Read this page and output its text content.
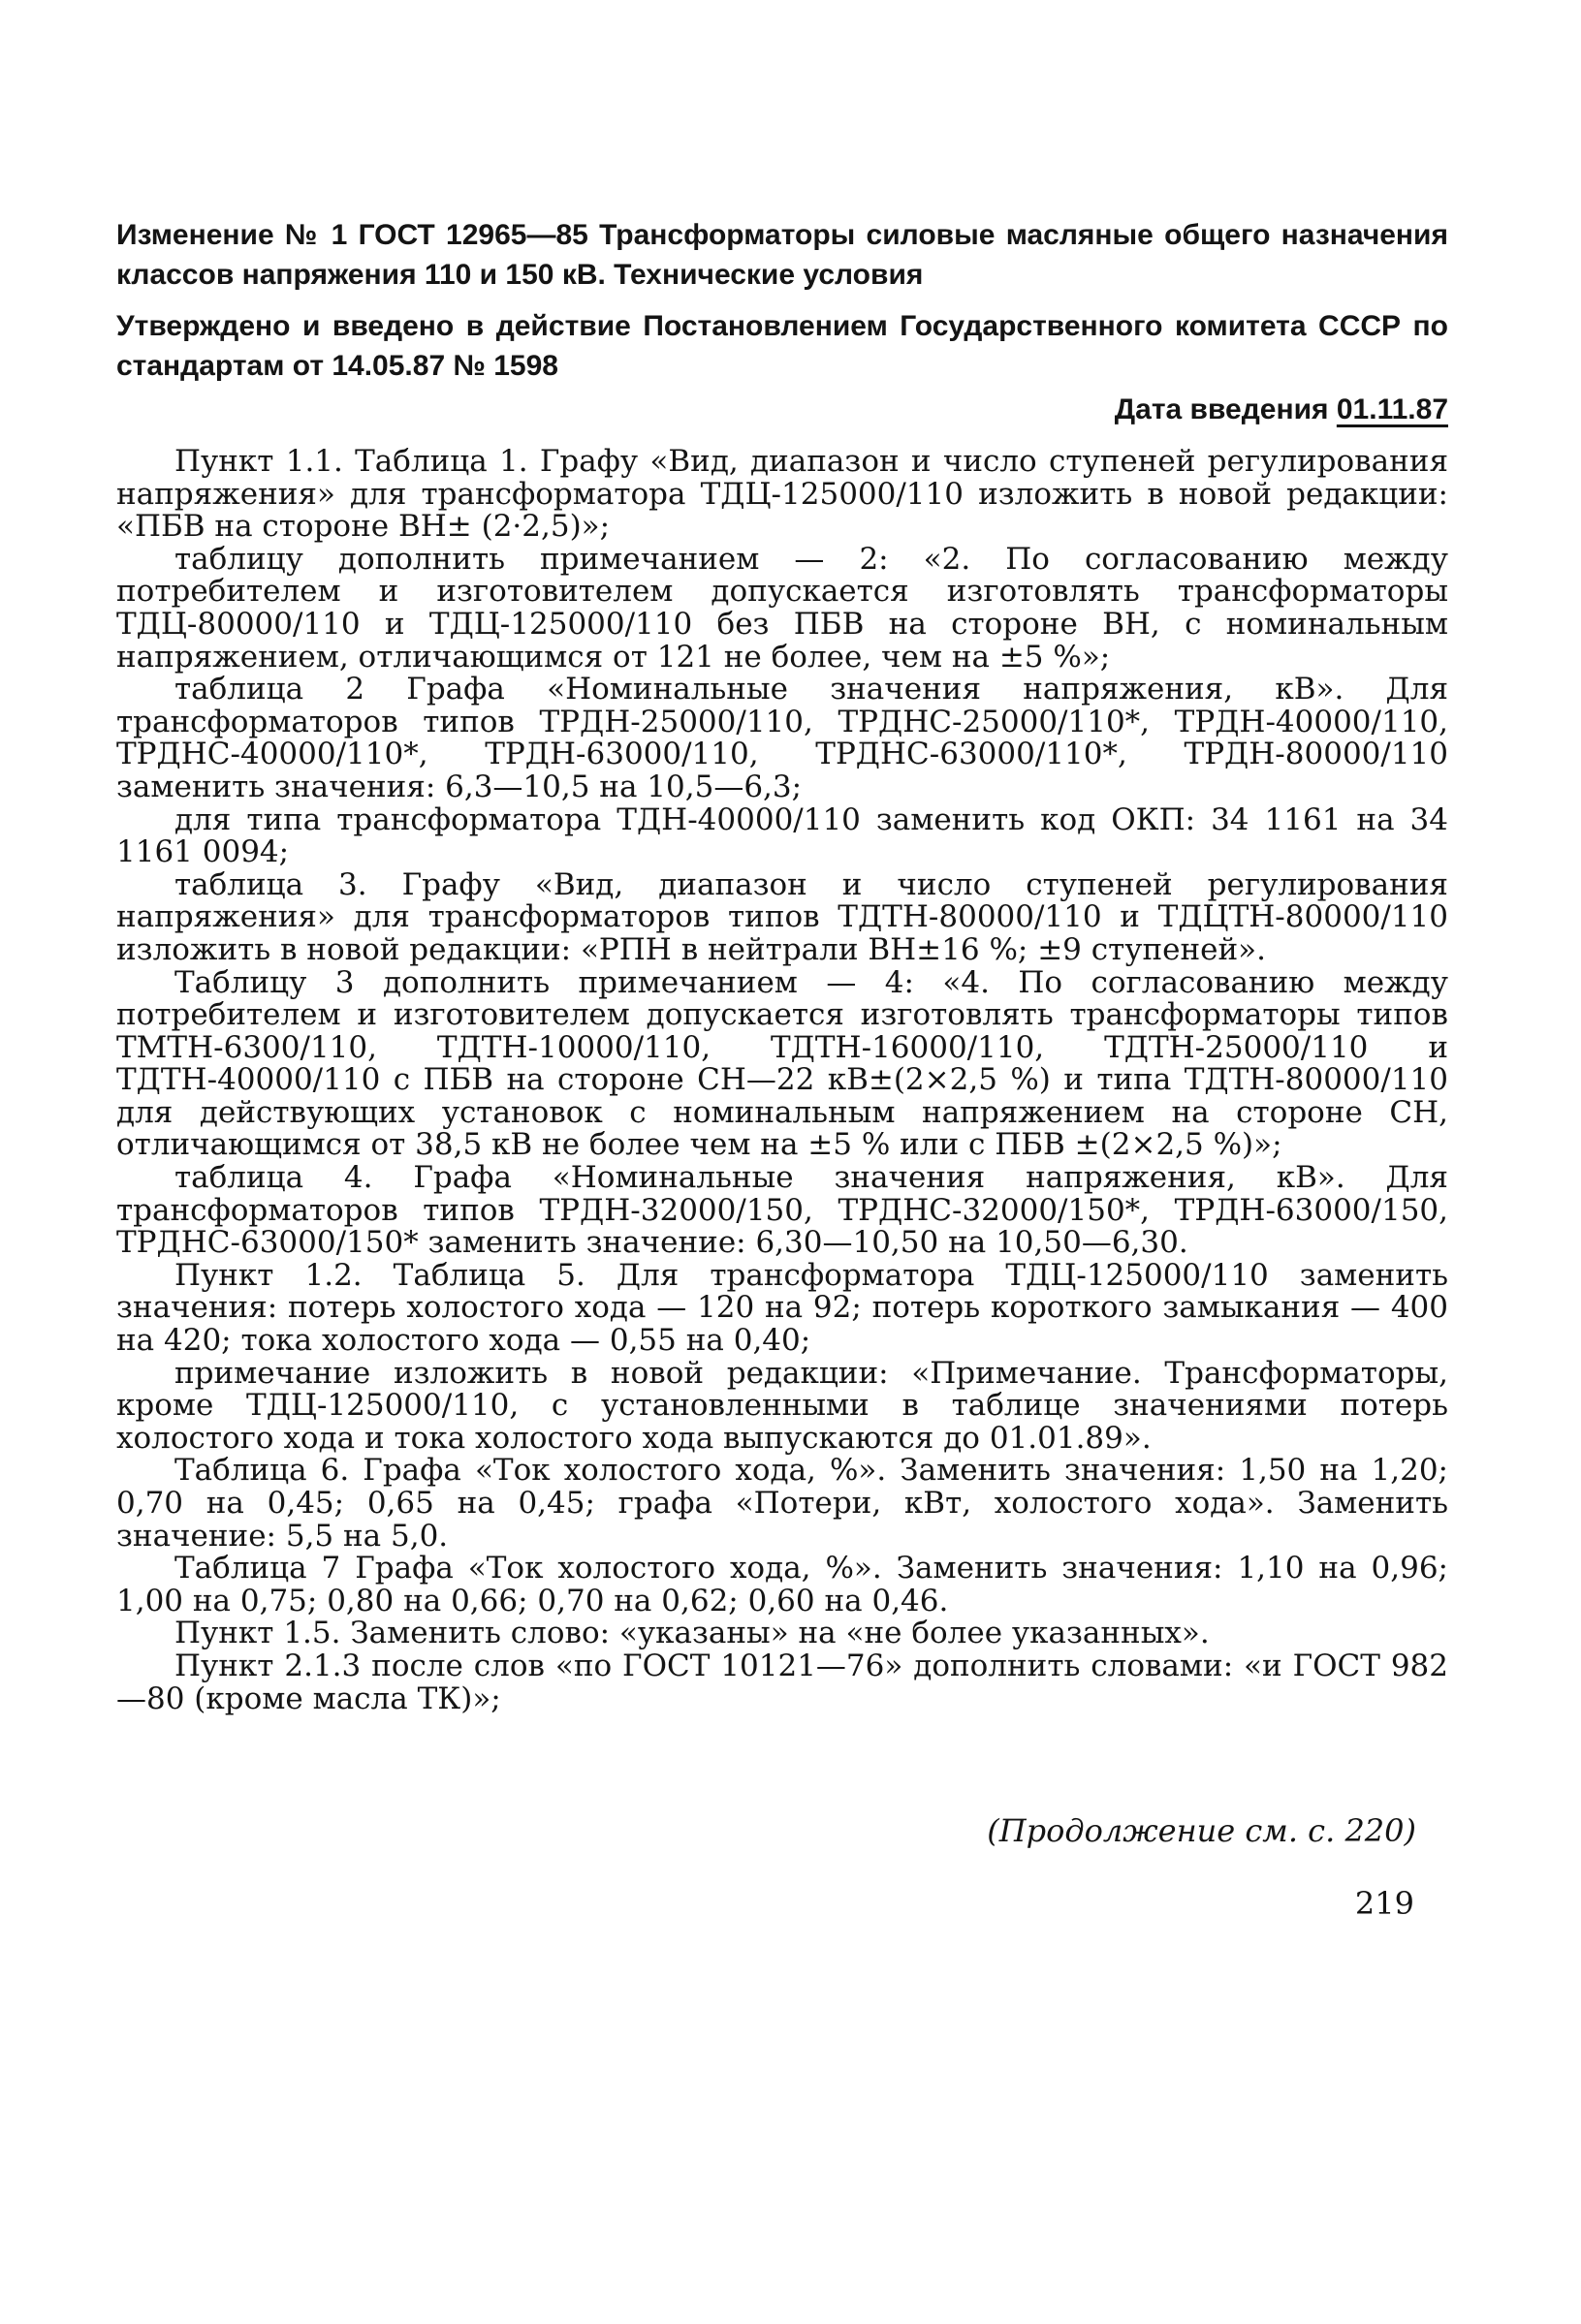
Изменение № 1 ГОСТ 12965—85 Трансформаторы силовые масляные общего назначения классов напряжения 110 и 150 кВ. Технические условия

Утверждено и введено в действие Постановлением Государственного комитета СССР по стандартам от 14.05.87 № 1598

Дата введения 01.11.87

Пункт 1.1. Таблица 1. Графу «Вид, диапазон и число ступеней регулирования напряжения» для трансформатора ТДЦ-125000/110 изложить в новой редакции: «ПБВ на стороне ВН± (2·2,5)»;

таблицу дополнить примечанием — 2: «2. По согласованию между потребителем и изготовителем допускается изготовлять трансформаторы ТДЦ-80000/110 и ТДЦ-125000/110 без ПБВ на стороне ВН, с номинальным напряжением, отличающимся от 121 не более, чем на ±5 %»;

таблица 2 Графа «Номинальные значения напряжения, кВ». Для трансформаторов типов ТРДН-25000/110, ТРДНС-25000/110*, ТРДН-40000/110, ТРДНС-40000/110*, ТРДН-63000/110, ТРДНС-63000/110*, ТРДН-80000/110 заменить значения: 6,3—10,5 на 10,5—6,3;

для типа трансформатора ТДН-40000/110 заменить код ОКП: 34 1161 на 34 1161 0094;

таблица 3. Графу «Вид, диапазон и число ступеней регулирования напряжения» для трансформаторов типов ТДТН-80000/110 и ТДЦТН-80000/110 изложить в новой редакции: «РПН в нейтрали ВН±16 %; ±9 ступеней».

Таблицу 3 дополнить примечанием — 4: «4. По согласованию между потребителем и изготовителем допускается изготовлять трансформаторы типов ТМТН-6300/110, ТДТН-10000/110, ТДТН-16000/110, ТДТН-25000/110 и ТДТН-40000/110 с ПБВ на стороне СН—22 кВ±(2×2,5 %) и типа ТДТН-80000/110 для действующих установок с номинальным напряжением на стороне СН, отличающимся от 38,5 кВ не более чем на ±5 % или с ПБВ ±(2×2,5 %)»;

таблица 4. Графа «Номинальные значения напряжения, кВ». Для трансформаторов типов ТРДН-32000/150, ТРДНС-32000/150*, ТРДН-63000/150, ТРДНС-63000/150* заменить значение: 6,30—10,50 на 10,50—6,30.

Пункт 1.2. Таблица 5. Для трансформатора ТДЦ-125000/110 заменить значения: потерь холостого хода — 120 на 92; потерь короткого замыкания — 400 на 420; тока холостого хода — 0,55 на 0,40;

примечание изложить в новой редакции: «Примечание. Трансформаторы, кроме ТДЦ-125000/110, с установленными в таблице значениями потерь холостого хода и тока холостого хода выпускаются до 01.01.89».

Таблица 6. Графа «Ток холостого хода, %». Заменить значения: 1,50 на 1,20; 0,70 на 0,45; 0,65 на 0,45; графа «Потери, кВт, холостого хода». Заменить значение: 5,5 на 5,0.

Таблица 7 Графа «Ток холостого хода, %». Заменить значения: 1,10 на 0,96; 1,00 на 0,75; 0,80 на 0,66; 0,70 на 0,62; 0,60 на 0,46.

Пункт 1.5. Заменить слово: «указаны» на «не более указанных».

Пункт 2.1.3 после слов «по ГОСТ 10121—76» дополнить словами: «и ГОСТ 982—80 (кроме масла ТК)»;

(Продолжение см. с. 220)
219
